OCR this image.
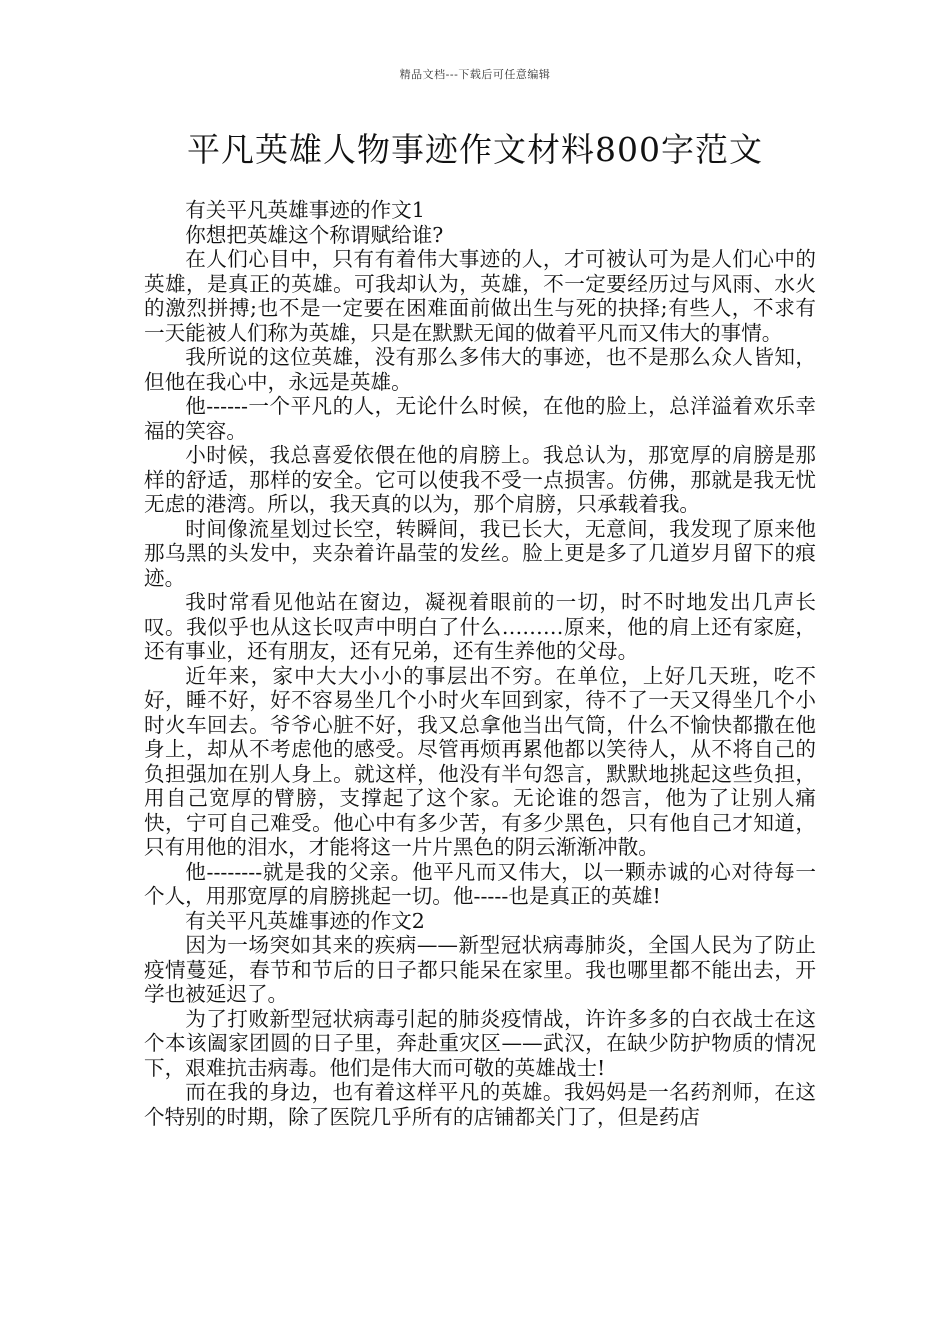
精品文档---下载后可任意编辑
平凡英雄人物事迹作文材料800字范文

有关平凡英雄事迹的作文1

你想把英雄这个称谓赋给谁?

在人们心目中，只有有着伟大事迹的人，才可被认可为是人们心中的英雄，是真正的英雄。可我却认为，英雄，不一定要经历过与风雨、水火的激烈拼搏;也不是一定要在困难面前做出生与死的抉择;有些人，不求有一天能被人们称为英雄，只是在默默无闻的做着平凡而又伟大的事情。

我所说的这位英雄，没有那么多伟大的事迹，也不是那么众人皆知，但他在我心中，永远是英雄。

他------一个平凡的人，无论什么时候，在他的脸上，总洋溢着欢乐幸福的笑容。

小时候，我总喜爱依偎在他的肩膀上。我总认为，那宽厚的肩膀是那样的舒适，那样的安全。它可以使我不受一点损害。仿佛，那就是我无忧无虑的港湾。所以，我天真的以为，那个肩膀，只承载着我。

时间像流星划过长空，转瞬间，我已长大，无意间，我发现了原来他那乌黑的头发中，夹杂着许晶莹的发丝。脸上更是多了几道岁月留下的痕迹。

我时常看见他站在窗边，凝视着眼前的一切，时不时地发出几声长叹。我似乎也从这长叹声中明白了什么………原来，他的肩上还有家庭，还有事业，还有朋友，还有兄弟，还有生养他的父母。

近年来，家中大大小小的事层出不穷。在单位，上好几天班，吃不好，睡不好，好不容易坐几个小时火车回到家，待不了一天又得坐几个小时火车回去。爷爷心脏不好，我又总拿他当出气筒，什么不愉快都撒在他身上，却从不考虑他的感受。尽管再烦再累他都以笑待人，从不将自己的负担强加在别人身上。就这样，他没有半句怨言，默默地挑起这些负担，用自己宽厚的臂膀，支撑起了这个家。无论谁的怨言，他为了让别人痛快，宁可自己难受。他心中有多少苦，有多少黑色，只有他自己才知道，只有用他的泪水，才能将这一片片黑色的阴云渐渐冲散。

他--------就是我的父亲。他平凡而又伟大，以一颗赤诚的心对待每一个人，用那宽厚的肩膀挑起一切。他-----也是真正的英雄!

有关平凡英雄事迹的作文2

因为一场突如其来的疾病——新型冠状病毒肺炎，全国人民为了防止疫情蔓延，春节和节后的日子都只能呆在家里。我也哪里都不能出去，开学也被延迟了。

为了打败新型冠状病毒引起的肺炎疫情战，许许多多的白衣战士在这个本该阖家团圆的日子里，奔赴重灾区——武汉，在缺少防护物质的情况下，艰难抗击病毒。他们是伟大而可敬的英雄战士!

而在我的身边，也有着这样平凡的英雄。我妈妈是一名药剂师，在这个特别的时期，除了医院几乎所有的店铺都关门了，但是药店
